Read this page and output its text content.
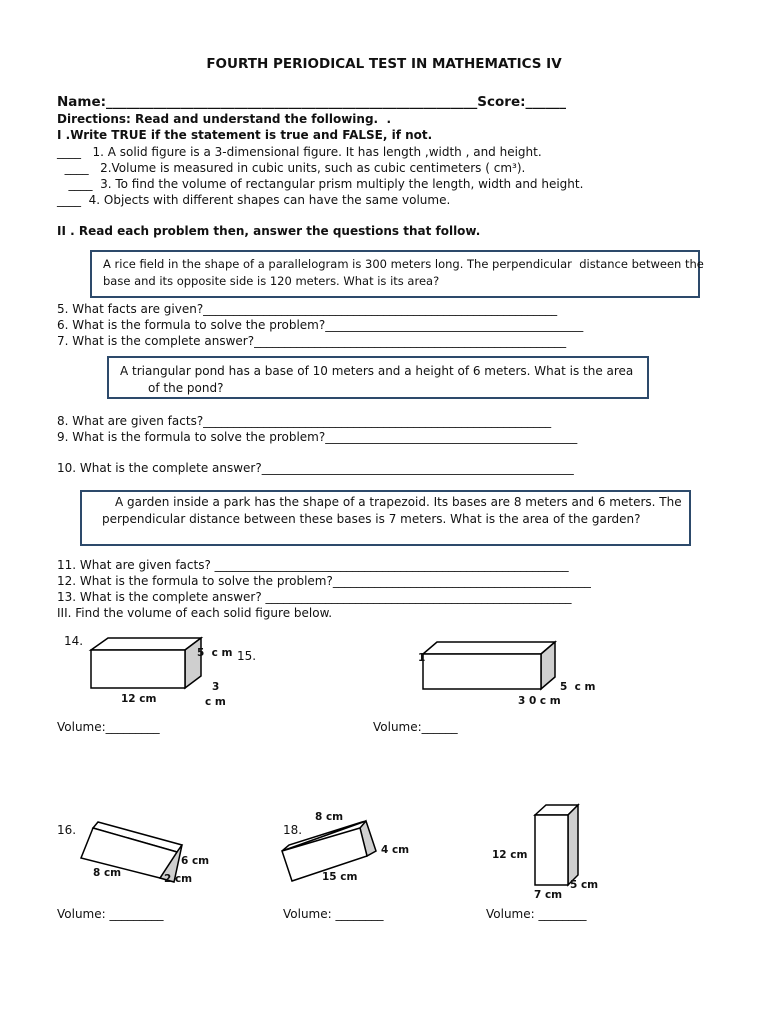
FOURTH PERIODICAL TEST IN MATHEMATICS IV
Name:_______________________________________________________Score:______
Directions: Read and understand the following.  .
I .Write TRUE if the statement is true and FALSE, if not.
____   1. A solid figure is a 3-dimensional figure. It has length ,width , and height.
____   2.Volume is measured in cubic units, such as cubic centimeters ( cm³).
____  3. To find the volume of rectangular prism multiply the length, width and height.
____  4. Objects with different shapes can have the same volume.
II . Read each problem then, answer the questions that follow.
A rice field in the shape of a parallelogram is 300 meters long. The perpendicular  distance between the
base and its opposite side is 120 meters. What is its area?
5. What facts are given?___________________________________________________________
6. What is the formula to solve the problem?___________________________________________
7. What is the complete answer?____________________________________________________
A triangular pond has a base of 10 meters and a height of 6 meters. What is the area
of the pond?
8. What are given facts?__________________________________________________________
9. What is the formula to solve the problem?__________________________________________
10. What is the complete answer?____________________________________________________
A garden inside a park has the shape of a trapezoid. Its bases are 8 meters and 6 meters. The
perpendicular distance between these bases is 7 meters. What is the area of the garden?
11. What are given facts? ___________________________________________________________
12. What is the formula to solve the problem?___________________________________________
13. What is the complete answer? ___________________________________________________
III. Find the volume of each solid figure below.
14.
5  c m 15.
12 cm
3
c m
Volume:_________
1
5  c m
3 0 c m
Volume:______
16.
6 cm
8 cm	2 cm
Volume: _________
8 cm
18.
4 cm
15 cm
Volume: ________
12 cm
5 cm
7 cm
Volume: ________
